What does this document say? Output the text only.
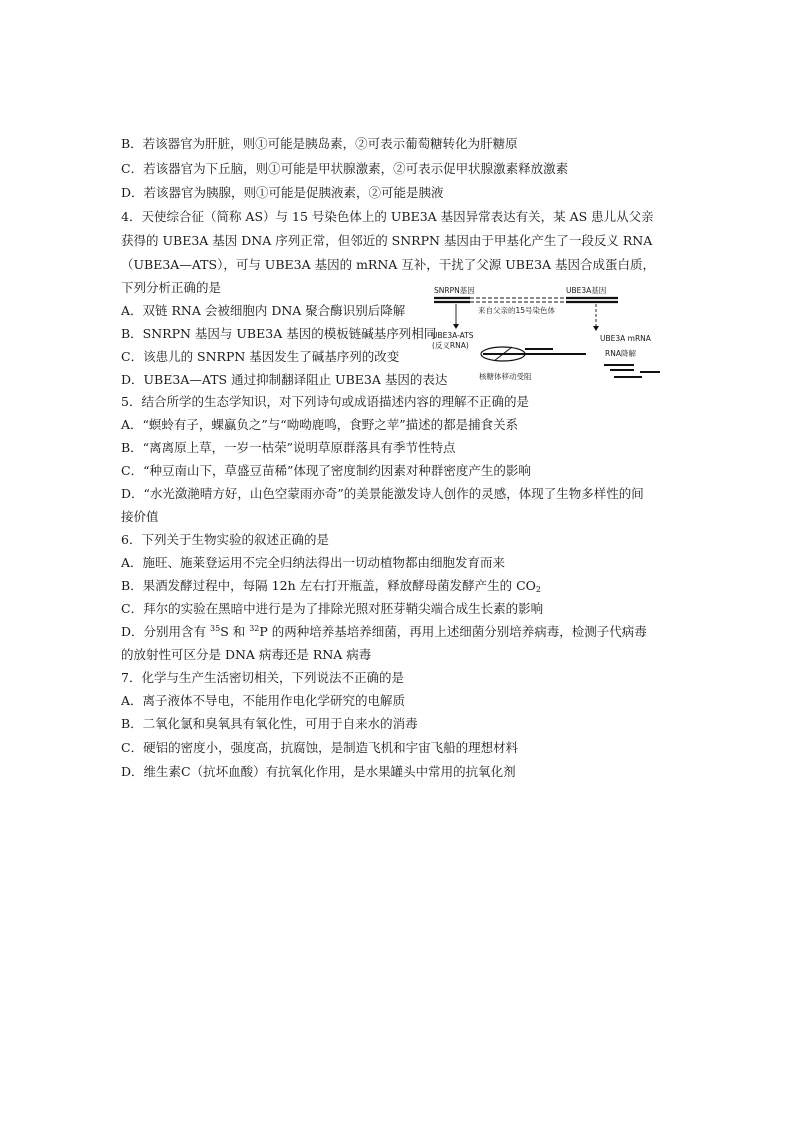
B．若该器官为肝脏，则①可能是胰岛素，②可表示葡萄糖转化为肝糖原
C．若该器官为下丘脑，则①可能是甲状腺激素，②可表示促甲状腺激素释放激素
D．若该器官为胰腺，则①可能是促胰液素，②可能是胰液
4．天使综合征（简称 AS）与 15 号染色体上的 UBE3A 基因异常表达有关，某 AS 患儿从父亲
获得的 UBE3A 基因 DNA 序列正常，但邻近的 SNRPN 基因由于甲基化产生了一段反义 RNA
（UBE3A—ATS），可与 UBE3A 基因的 mRNA 互补，干扰了父源 UBE3A 基因合成蛋白质，
下列分析正确的是
A．双链 RNA 会被细胞内 DNA 聚合酶识别后降解
B．SNRPN 基因与 UBE3A 基因的模板链碱基序列相同
C．该患儿的 SNRPN 基因发生了碱基序列的改变
D．UBE3A—ATS 通过抑制翻译阻止 UBE3A 基因的表达
SNRPN基因	UBE3A基因
来自父亲的15号染色体
UBE3A-ATS
(反义RNA)
UBE3A mRNA
RNA降解
核糖体移动受阻
5．结合所学的生态学知识，对下列诗句或成语描述内容的理解不正确的是
A．“螟蛉有子，蜾蠃负之”与“呦呦鹿鸣，食野之苹”描述的都是捕食关系
B．“离离原上草，一岁一枯荣”说明草原群落具有季节性特点
C．“种豆南山下，草盛豆苗稀”体现了密度制约因素对种群密度产生的影响
D．“水光潋滟晴方好，山色空蒙雨亦奇”的美景能激发诗人创作的灵感，体现了生物多样性的间
接价值
6．下列关于生物实验的叙述正确的是
A．施旺、施莱登运用不完全归纳法得出一切动植物都由细胞发育而来
B．果酒发酵过程中，每隔 12h 左右打开瓶盖，释放酵母菌发酵产生的 $CO_2$
C．拜尔的实验在黑暗中进行是为了排除光照对胚芽鞘尖端合成生长素的影响
D．分别用含有 $^{35}$S 和 $^{32}$P 的两种培养基培养细菌，再用上述细菌分别培养病毒，检测子代病毒
的放射性可区分是 DNA 病毒还是 RNA 病毒
7．化学与生产生活密切相关，下列说法不正确的是
A．离子液体不导电，不能用作电化学研究的电解质
B．二氧化氯和臭氧具有氧化性，可用于自来水的消毒
C．硬铝的密度小，强度高，抗腐蚀，是制造飞机和宇宙飞船的理想材料
D．维生素C（抗坏血酸）有抗氧化作用，是水果罐头中常用的抗氧化剂
